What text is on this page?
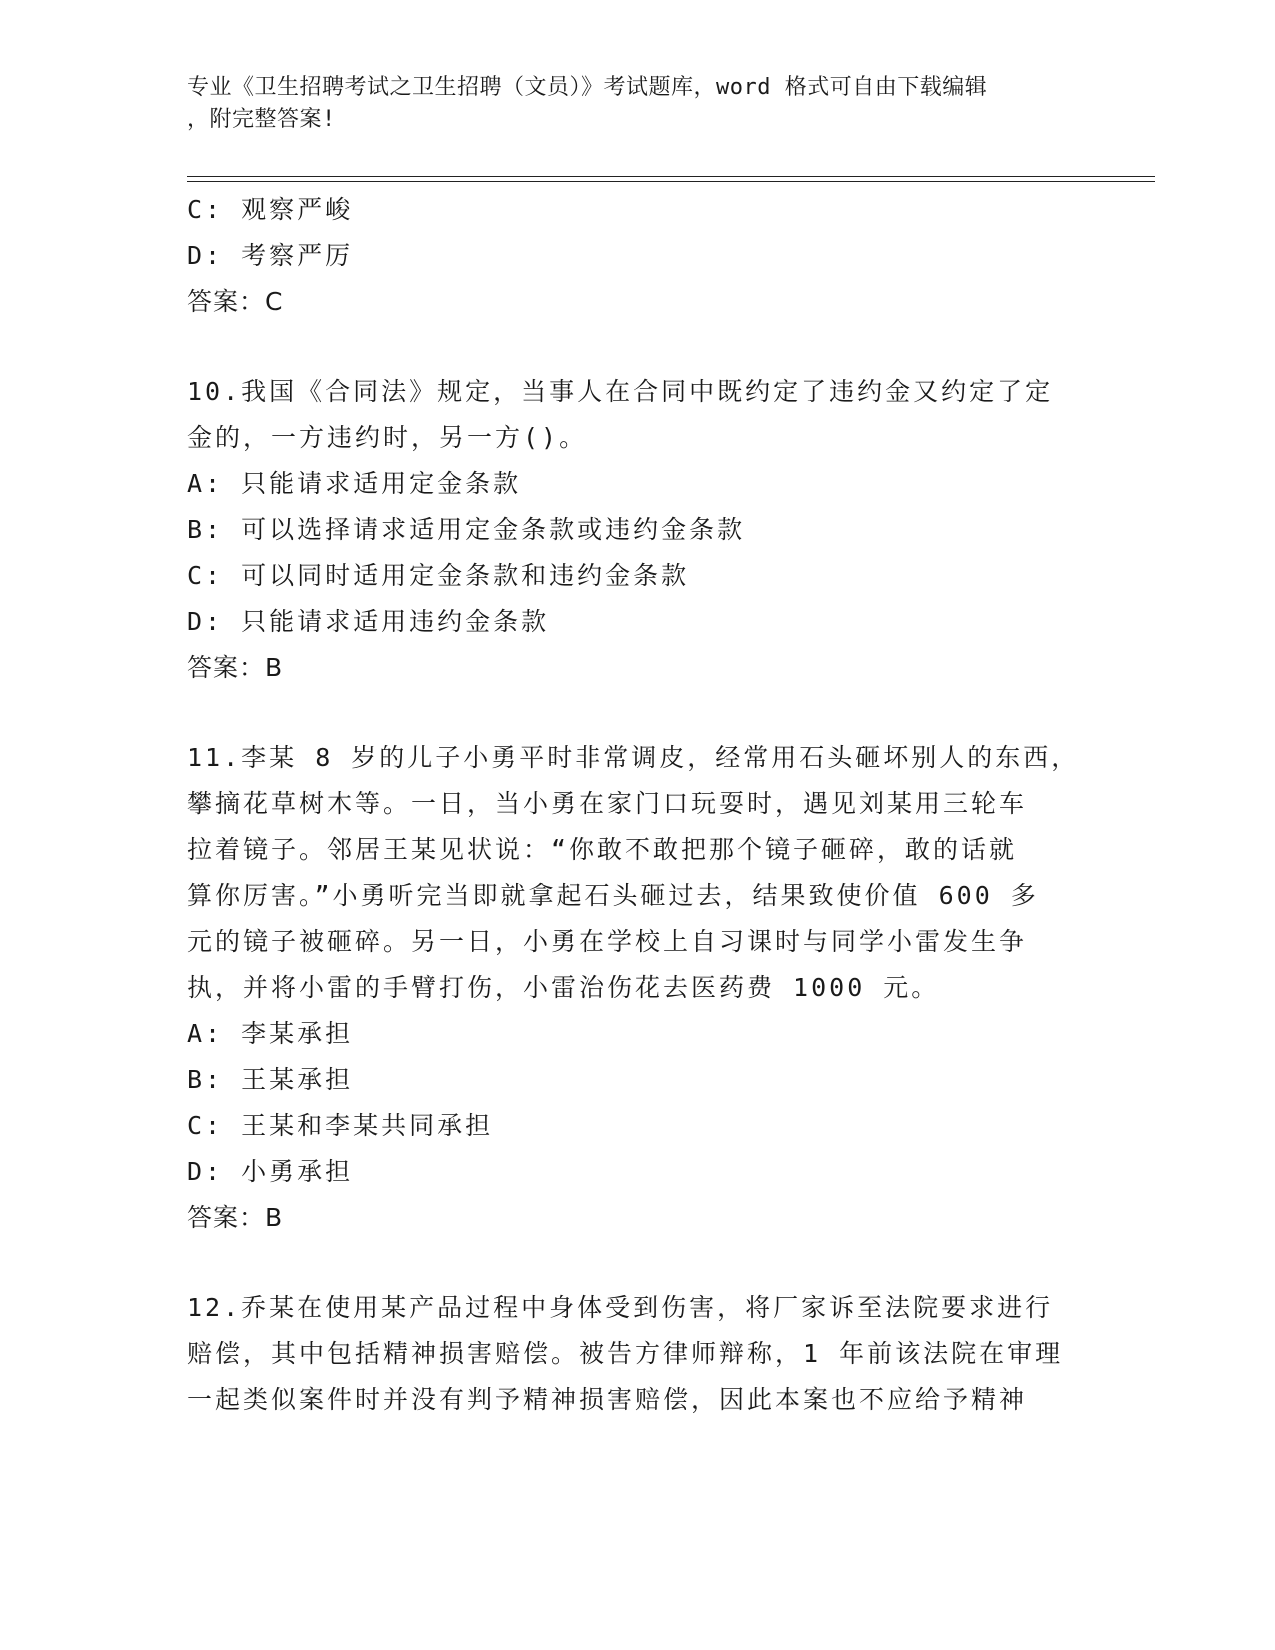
专业《卫生招聘考试之卫生招聘（文员）》考试题库，word 格式可自由下载编辑
，附完整答案!
C: 观察严峻
D: 考察严厉
答案：C
10.我国《合同法》规定，当事人在合同中既约定了违约金又约定了定
金的，一方违约时，另一方()。
A: 只能请求适用定金条款
B: 可以选择请求适用定金条款或违约金条款
C: 可以同时适用定金条款和违约金条款
D: 只能请求适用违约金条款
答案：B
11.李某 8 岁的儿子小勇平时非常调皮，经常用石头砸坏别人的东西，
攀摘花草树木等。一日，当小勇在家门口玩耍时，遇见刘某用三轮车
拉着镜子。邻居王某见状说：“你敢不敢把那个镜子砸碎，敢的话就
算你厉害。”小勇听完当即就拿起石头砸过去，结果致使价值 600 多
元的镜子被砸碎。另一日，小勇在学校上自习课时与同学小雷发生争
执，并将小雷的手臂打伤，小雷治伤花去医药费 1000 元。
A: 李某承担
B: 王某承担
C: 王某和李某共同承担
D: 小勇承担
答案：B
12.乔某在使用某产品过程中身体受到伤害，将厂家诉至法院要求进行
赔偿，其中包括精神损害赔偿。被告方律师辩称，1 年前该法院在审理
一起类似案件时并没有判予精神损害赔偿，因此本案也不应给予精神
